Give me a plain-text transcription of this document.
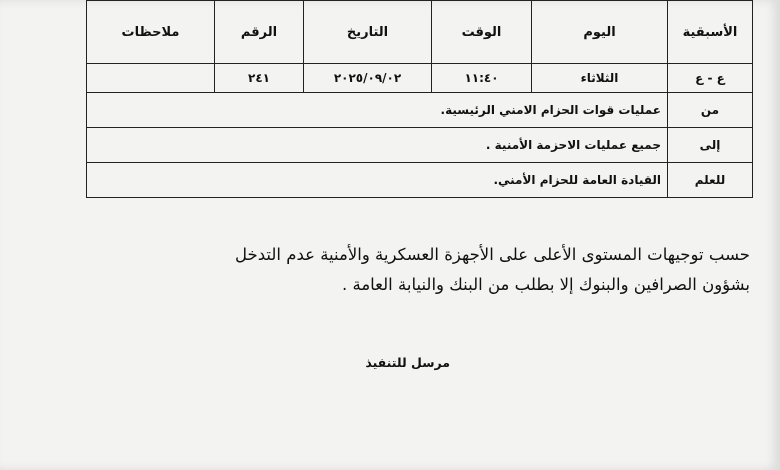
الأسبقية	اليوم	الوقت	التاريخ	الرقم	ملاحظات
ع - ع	الثلاثاء	١١:٤٠	٢٠٢٥/٠٩/٠٢	٢٤١	
من	عمليات قوات الحزام الامني الرئيسية.				
إلى	جميع عمليات الاحزمة الأمنية .				
للعلم	القيادة العامة للحزام الأمني.				
حسب توجيهات المستوى الأعلى على الأجهزة العسكرية والأمنية عدم التدخل
بشؤون الصرافين والبنوك إلا بطلب من البنك والنيابة العامة .
مرسل للتنفيذ
